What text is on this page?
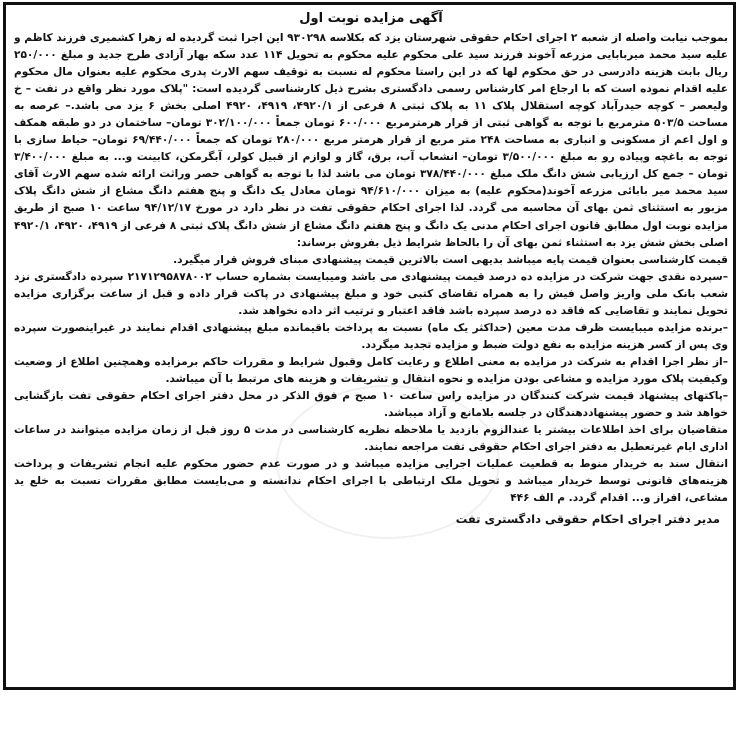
آگهی مزایده نوبت اول

بموجب نیابت واصله از شعبه ۲ اجرای احکام حقوقی شهرستان یزد که بکلاسه ۹۳۰۲۹۸ این اجرا ثبت گردیده له زهرا کشمیری فرزند کاظم و علیه سید محمد میربابایی مزرعه آخوند فرزند سید علی محکوم علیه محکوم به تحویل ۱۱۴ عدد سکه بهار آزادی طرح جدید و مبلغ ۲۵۰/۰۰۰ ریال بابت هزینه دادرسی در حق محکوم لها که در این راستا محکوم له نسبت به توقیف سهم الارث پدری محکوم علیه بعنوان مال محکوم علیه اقدام نموده است که با ارجاع امر کارشناس رسمی دادگستری بشرح ذیل کارشناسی گردیده است: "پلاک مورد نظر واقع در تفت – خ ولیعصر – کوچه حیدرآباد کوچه استقلال پلاک ۱۱ به پلاک ثبتی ۸ فرعی از ۴۹۲۰/۱، ۴۹۱۹، ۴۹۲۰ اصلی بخش ۶ یزد می باشد.– عرصه به مساحت ۵۰۳/۵ مترمربع با توجه به گواهی ثبتی از قرار هرمترمربع ۶۰۰/۰۰۰ تومان جمعاً ۳۰۲/۱۰۰/۰۰۰ تومان– ساختمان در دو طبقه همکف و اول اعم از مسکونی و انباری به مساحت ۲۴۸ متر مربع از قرار هرمتر مربع ۲۸۰/۰۰۰ تومان که جمعاً ۶۹/۴۴۰/۰۰۰ تومان– حیاط سازی با توجه به باغچه وپیاده رو به مبلغ ۳/۵۰۰/۰۰۰ تومان– انشعاب آب، برق، گاز و لوازم از قبیل کولر، آبگرمکن، کابینت و... به مبلغ ۳/۴۰۰/۰۰۰ تومان – جمع کل ارزیابی شش دانگ ملک مبلغ ۳۷۸/۴۴۰/۰۰۰ تومان می باشد لذا با توجه به گواهی حصر وراثت ارائه شده سهم الارث آقای سید محمد میر بابائی مزرعه آخوند(محکوم علیه) به میزان ۹۴/۶۱۰/۰۰۰ تومان معادل یک دانگ و پنج هفتم دانگ مشاع از شش دانگ پلاک مزبور به استثنای ثمن بهای آن محاسبه می گردد. لذا اجرای احکام حقوقی تفت در نظر دارد در مورخ ۹۴/۱۲/۱۷ ساعت ۱۰ صبح از طریق مزایده نوبت اول مطابق قانون اجرای احکام مدنی یک دانگ و پنج هفتم دانگ مشاع از شش دانگ پلاک ثبتی ۸ فرعی از ۴۹۱۹، ۴۹۲۰، ۴۹۲۰/۱ اصلی بخش شش یزد به استثناء ثمن بهای آن را بالحاظ شرایط ذیل بفروش برساند:

قیمت کارشناسی بعنوان قیمت پایه میباشد بدیهی است بالاترین قیمت پیشنهادی مبنای فروش قرار میگیرد.

–سپرده نقدی جهت شرکت در مزایده ده درصد قیمت پیشنهادی می باشد ومیبایست بشماره حساب ۲۱۷۱۲۹۵۸۷۸۰۰۲ سپرده دادگستری نزد شعب بانک ملی واریز واصل فیش را به همراه تقاضای کتبی خود و مبلغ پیشنهادی در پاکت قرار داده و قبل از ساعت برگزاری مزایده تحویل نمایند و تقاضایی که فاقد ده درصد سپرده باشد فاقد اعتبار و ترتیب اثر داده نخواهد شد.

–برنده مزایده میبایست ظرف مدت معین (حداکثر یک ماه) نسبت به پرداخت باقیمانده مبلغ پیشنهادی اقدام نمایند در غیراینصورت سپرده وی پس از کسر هزینه مزایده به نفع دولت ضبط و مزایده تجدید میگردد.

–از نظر اجرا اقدام به شرکت در مزایده به معنی اطلاع و رعایت کامل وقبول شرایط و مقررات حاکم برمزایده وهمچنین اطلاع از وضعیت وکیفیت پلاک مورد مزایده و مشاعی بودن مزایده و نحوه انتقال و تشریفات و هزینه های مرتبط با آن میباشد.

–پاکتهای پیشنهاد قیمت شرکت کنندگان در مزایده راس ساعت ۱۰ صبح م فوق الذکر در محل دفتر اجرای احکام حقوقی تفت بازگشایی خواهد شد و حضور پیشنهاددهندگان در جلسه بلامانع و آزاد میباشد.

متقاضیان برای اخذ اطلاعات بیشتر یا عندالزوم بازدید یا ملاحظه نظریه کارشناسی در مدت ۵ روز قبل از زمان مزایده میتوانند در ساعات اداری ایام غیرتعطیل به دفتر اجرای احکام حقوقی تفت مراجعه نمایند.

انتقال سند به خریدار منوط به قطعیت عملیات اجرایی مزایده میباشد و در صورت عدم حضور محکوم علیه انجام تشریفات و پرداخت هزینه‌های قانونی توسط خریدار میباشد و تحویل ملک ارتباطی با اجرای احکام ندانسته و می‌بایست مطابق مقررات نسبت به خلع ید مشاعی، افراز و... اقدام گردد. م الف ۴۴۶

مدیر دفتر اجرای احکام حقوقی دادگستری تفت
